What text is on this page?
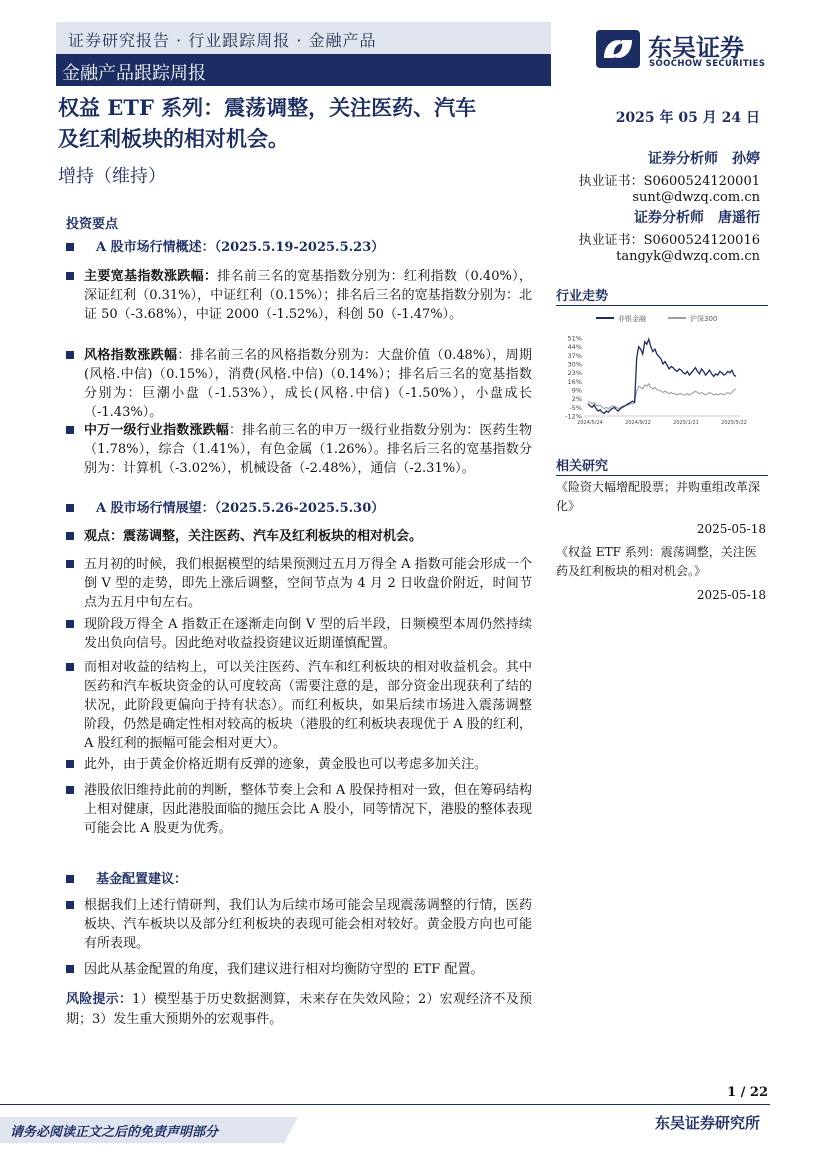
证券研究报告 · 行业跟踪周报 · 金融产品
金融产品跟踪周报
东吴证券
SOOCHOW SECURITIES
权益 ETF 系列：震荡调整，关注医药、汽车
及红利板块的相对机会。
增持（维持）
2025 年 05 月 24 日
证券分析师　孙婷
执业证书：S0600524120001
sunt@dwzq.com.cn
证券分析师　唐遥衎
执业证书：S0600524120016
tangyk@dwzq.com.cn
投资要点
A 股市场行情概述：（2025.5.19-2025.5.23）
主要宽基指数涨跌幅：排名前三名的宽基指数分别为：红利指数（0.40%），深证红利（0.31%），中证红利（0.15%）；排名后三名的宽基指数分别为：北证 50（-3.68%），中证 2000（-1.52%），科创 50（-1.47%）。
风格指数涨跌幅：排名前三名的风格指数分别为：大盘价值（0.48%），周期(风格.中信)（0.15%），消费(风格.中信)（0.14%）；排名后三名的宽基指数分别为：巨潮小盘（-1.53%），成长(风格.中信)（-1.50%），小盘成长（-1.43%）。
中万一级行业指数涨跌幅：排名前三名的申万一级行业指数分别为：医药生物（1.78%），综合（1.41%），有色金属（1.26%）。排名后三名的宽基指数分别为：计算机（-3.02%），机械设备（-2.48%），通信（-2.31%）。
A 股市场行情展望：（2025.5.26-2025.5.30）
观点：震荡调整，关注医药、汽车及红利板块的相对机会。
五月初的时候，我们根据模型的结果预测过五月万得全 A 指数可能会形成一个倒 V 型的走势，即先上涨后调整，空间节点为 4 月 2 日收盘价附近，时间节点为五月中旬左右。
现阶段万得全 A 指数正在逐渐走向倒 V 型的后半段，日频模型本周仍然持续发出负向信号。因此绝对收益投资建议近期谨慎配置。
而相对收益的结构上，可以关注医药、汽车和红利板块的相对收益机会。其中医药和汽车板块资金的认可度较高（需要注意的是，部分资金出现获利了结的状况，此阶段更偏向于持有状态）。而红利板块，如果后续市场进入震荡调整阶段，仍然是确定性相对较高的板块（港股的红利板块表现优于 A 股的红利，A 股红利的振幅可能会相对更大）。
此外，由于黄金价格近期有反弹的迹象，黄金股也可以考虑多加关注。
港股依旧维持此前的判断，整体节奏上会和 A 股保持相对一致，但在筹码结构上相对健康，因此港股面临的抛压会比 A 股小，同等情况下，港股的整体表现可能会比 A 股更为优秀。
基金配置建议：
根据我们上述行情研判，我们认为后续市场可能会呈现震荡调整的行情，医药板块、汽车板块以及部分红利板块的表现可能会相对较好。黄金股方向也可能有所表现。
因此从基金配置的角度，我们建议进行相对均衡防守型的 ETF 配置。
风险提示：1）模型基于历史数据测算，未来存在失效风险；2）宏观经济不及预期；3）发生重大预期外的宏观事件。
行业走势
非银金融	沪深300
51%
44%
37%
30%
23%
16%
9%
2%
-5%
-12%
2024/5/24	2024/9/22	2025/1/21	2025/5/22
相关研究
《险资大幅增配股票；并购重组改革深化》
2025-05-18
《权益 ETF 系列：震荡调整，关注医药及红利板块的相对机会。》
2025-05-18
1 / 22
请务必阅读正文之后的免责声明部分
东吴证券研究所
